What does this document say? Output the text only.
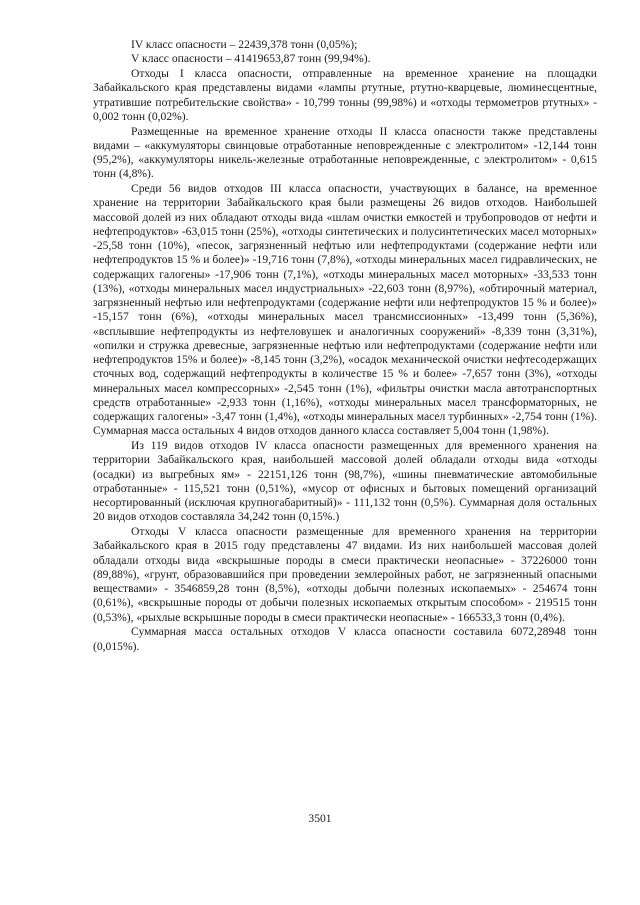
IV класс опасности – 22439,378 тонн (0,05%);

V класс опасности – 41419653,87 тонн (99,94%).

Отходы I класса опасности, отправленные на временное хранение на площадки Забайкальского края представлены видами «лампы ртутные, ртутно-кварцевые, люминесцентные, утратившие потребительские свойства» - 10,799 тонны (99,98%) и «отходы термометров ртутных» - 0,002 тонн (0,02%).

Размещенные на временное хранение отходы II класса опасности также представлены видами – «аккумуляторы свинцовые отработанные неповрежденные с электролитом» -12,144 тонн (95,2%), «аккумуляторы никель-железные отработанные неповрежденные, с электролитом» - 0,615 тонн (4,8%).

Среди 56 видов отходов III класса опасности, участвующих в балансе, на временное хранение на территории Забайкальского края были размещены 26 видов отходов. Наибольшей массовой долей из них обладают отходы вида «шлам очистки емкостей и трубопроводов от нефти и нефтепродуктов» -63,015 тонн (25%), «отходы синтетических и полусинтетических масел моторных» -25,58 тонн (10%), «песок, загрязненный нефтью или нефтепродуктами (содержание нефти или нефтепродуктов 15 % и более)» -19,716 тонн (7,8%), «отходы минеральных масел гидравлических, не содержащих галогены» -17,906 тонн (7,1%), «отходы минеральных масел моторных» -33,533 тонн (13%), «отходы минеральных масел индустриальных» -22,603 тонн (8,97%), «обтирочный материал, загрязненный нефтью или нефтепродуктами (содержание нефти или нефтепродуктов 15 % и более)» -15,157 тонн (6%), «отходы минеральных масел трансмиссионных» -13,499 тонн (5,36%), «всплывшие нефтепродукты из нефтеловушек и аналогичных сооружений» -8,339 тонн (3,31%), «опилки и стружка древесные, загрязненные нефтью или нефтепродуктами (содержание нефти или нефтепродуктов 15% и более)» -8,145 тонн (3,2%), «осадок механической очистки нефтесодержащих сточных вод, содержащий нефтепродукты в количестве 15 % и более» -7,657 тонн (3%), «отходы минеральных масел компрессорных» -2,545 тонн (1%), «фильтры очистки масла автотранспортных средств отработанные» -2,933 тонн (1,16%), «отходы минеральных масел трансформаторных, не содержащих галогены» -3,47 тонн (1,4%), «отходы минеральных масел турбинных» -2,754 тонн (1%). Суммарная масса остальных 4 видов отходов данного класса составляет 5,004 тонн (1,98%).

Из 119 видов отходов IV класса опасности размещенных для временного хранения на территории Забайкальского края, наибольшей массовой долей обладали отходы вида «отходы (осадки) из выгребных ям» - 22151,126 тонн (98,7%), «шины пневматические автомобильные отработанные» - 115,521 тонн (0,51%), «мусор от офисных и бытовых помещений организаций несортированный (исключая крупногабаритный)» - 111,132 тонн (0,5%). Суммарная доля остальных 20 видов отходов составляла 34,242 тонн (0,15%.)

Отходы V класса опасности размещенные для временного хранения на территории Забайкальского края в 2015 году представлены 47 видами. Из них наибольшей массовая долей обладали отходы вида «вскрышные породы в смеси практически неопасные» - 37226000 тонн (89,88%), «грунт, образовавшийся при проведении землеройных работ, не загрязненный опасными веществами» - 3546859,28 тонн (8,5%), «отходы добычи полезных ископаемых» - 254674 тонн (0,61%), «вскрышные породы от добычи полезных ископаемых открытым способом» - 219515 тонн (0,53%), «рыхлые вскрышные породы в смеси практически неопасные» - 166533,3 тонн (0,4%).

Суммарная масса остальных отходов V класса опасности составила 6072,28948 тонн (0,015%).

3501
